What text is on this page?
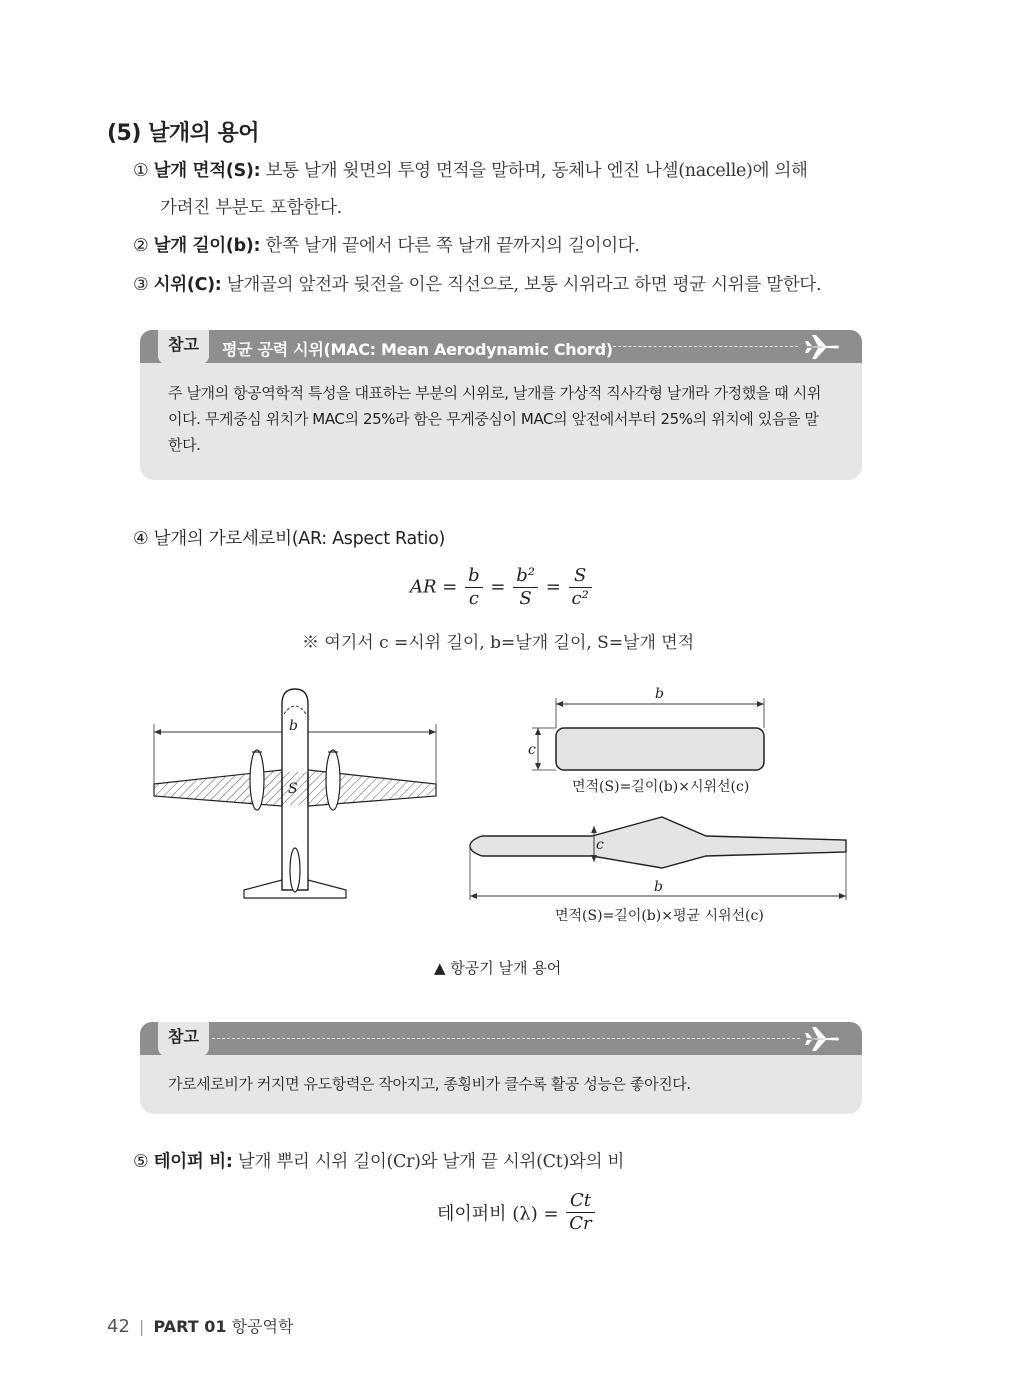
(5) 날개의 용어
① 날개 면적(S): 보통 날개 윗면의 투영 면적을 말하며, 동체나 엔진 나셀(nacelle)에 의해
가려진 부분도 포함한다.
② 날개 길이(b): 한쪽 날개 끝에서 다른 쪽 날개 끝까지의 길이이다.
③ 시위(C): 날개골의 앞전과 뒷전을 이은 직선으로, 보통 시위라고 하면 평균 시위를 말한다.
참고	평균 공력 시위(MAC: Mean Aerodynamic Chord)
주 날개의 항공역학적 특성을 대표하는 부분의 시위로, 날개를 가상적 직사각형 날개라 가정했을 때 시위
이다. 무게중심 위치가 MAC의 25%라 함은 무게중심이 MAC의 앞전에서부터 25%의 위치에 있음을 말
한다.
④ 날개의 가로세로비(AR: Aspect Ratio)
AR = $\frac{b}{c} = \frac{\text{b²}}{S} = \frac{S}{\text{c²}}$
※ 여기서 c =시위 길이, b=날개 길이, S=날개 면적
b
S
b
c
면적(S)=길이(b)×시위선(c)
c
b
면적(S)=길이(b)×평균 시위선(c)
▲ 항공기 날개 용어
참고
가로세로비가 커지면 유도항력은 작아지고, 종횡비가 클수록 활공 성능은 좋아진다.
⑤ 테이퍼 비: 날개 뿌리 시위 길이(Cr)와 날개 끝 시위(Ct)와의 비
테이퍼비 $(\lambda) = \frac{Ct}{Cr}$
42 | PART 01 항공역학
